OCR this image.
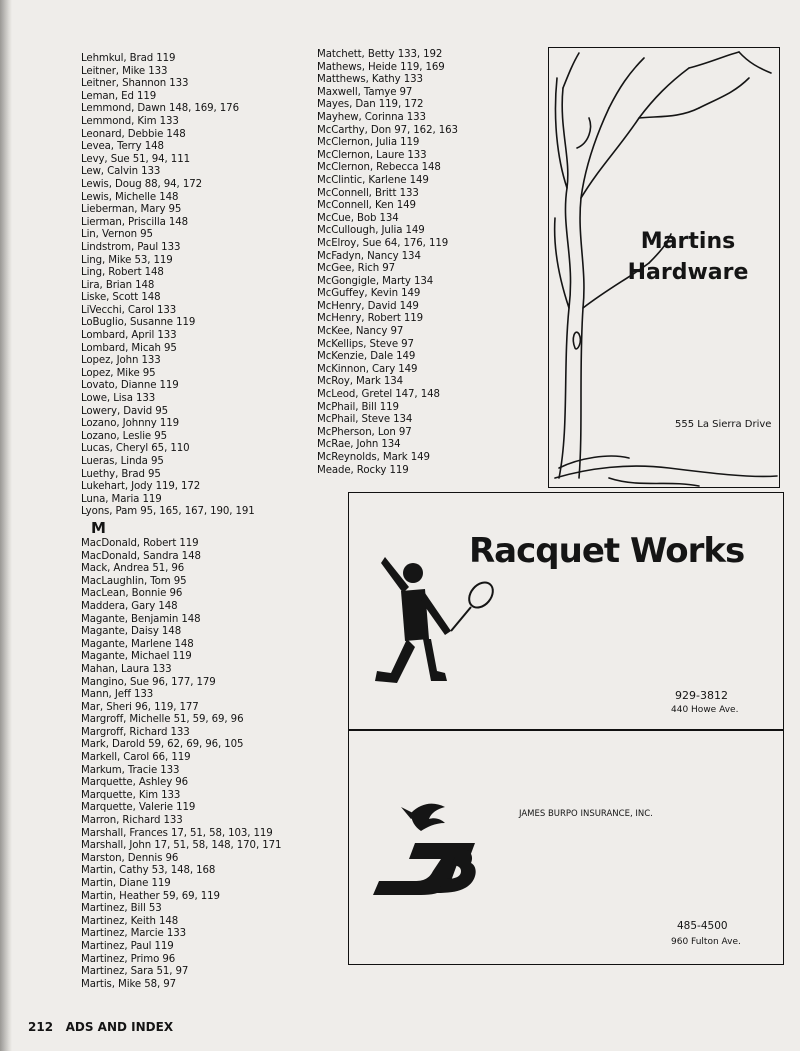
Lehmkul, Brad 119
Leitner, Mike 133
Leitner, Shannon 133
Leman, Ed 119
Lemmond, Dawn 148, 169, 176
Lemmond, Kim 133
Leonard, Debbie 148
Levea, Terry 148
Levy, Sue 51, 94, 111
Lew, Calvin 133
Lewis, Doug 88, 94, 172
Lewis, Michelle 148
Lieberman, Mary 95
Lierman, Priscilla 148
Lin, Vernon 95
Lindstrom, Paul 133
Ling, Mike 53, 119
Ling, Robert 148
Lira, Brian 148
Liske, Scott 148
LiVecchi, Carol 133
LoBuglio, Susanne 119
Lombard, April 133
Lombard, Micah 95
Lopez, John 133
Lopez, Mike 95
Lovato, Dianne 119
Lowe, Lisa 133
Lowery, David 95
Lozano, Johnny 119
Lozano, Leslie 95
Lucas, Cheryl 65, 110
Lueras, Linda 95
Luethy, Brad 95
Lukehart, Jody 119, 172
Luna, Maria 119
Lyons, Pam 95, 165, 167, 190, 191
M
MacDonald, Robert 119
MacDonald, Sandra 148
Mack, Andrea 51, 96
MacLaughlin, Tom 95
MacLean, Bonnie 96
Maddera, Gary 148
Magante, Benjamin 148
Magante, Daisy 148
Magante, Marlene 148
Magante, Michael 119
Mahan, Laura 133
Mangino, Sue 96, 177, 179
Mann, Jeff 133
Mar, Sheri 96, 119, 177
Margroff, Michelle 51, 59, 69, 96
Margroff, Richard 133
Mark, Darold 59, 62, 69, 96, 105
Markell, Carol 66, 119
Markum, Tracie 133
Marquette, Ashley 96
Marquette, Kim 133
Marquette, Valerie 119
Marron, Richard 133
Marshall, Frances 17, 51, 58, 103, 119
Marshall, John 17, 51, 58, 148, 170, 171
Marston, Dennis 96
Martin, Cathy 53, 148, 168
Martin, Diane 119
Martin, Heather 59, 69, 119
Martinez, Bill 53
Martinez, Keith 148
Martinez, Marcie 133
Martinez, Paul 119
Martinez, Primo 96
Martinez, Sara 51, 97
Martis, Mike 58, 97
Matchett, Betty 133, 192
Mathews, Heide 119, 169
Matthews, Kathy 133
Maxwell, Tamye 97
Mayes, Dan 119, 172
Mayhew, Corinna 133
McCarthy, Don 97, 162, 163
McClernon, Julia 119
McClernon, Laure 133
McClernon, Rebecca 148
McClintic, Karlene 149
McConnell, Britt 133
McConnell, Ken 149
McCue, Bob 134
McCullough, Julia 149
McElroy, Sue 64, 176, 119
McFadyn, Nancy 134
McGee, Rich 97
McGongigle, Marty 134
McGuffey, Kevin 149
McHenry, David 149
McHenry, Robert 119
McKee, Nancy 97
McKellips, Steve 97
McKenzie, Dale 149
McKinnon, Cary 149
McRoy, Mark 134
McLeod, Gretel 147, 148
McPhail, Bill 119
McPhail, Steve 134
McPherson, Lon 97
McRae, John 134
McReynolds, Mark 149
Meade, Rocky 119
Martins
Hardware
555 La Sierra Drive
Racquet Works
929-3812
440 Howe Ave.
JAMES BURPO INSURANCE, INC.
485-4500
960 Fulton Ave.
212 ADS AND INDEX
